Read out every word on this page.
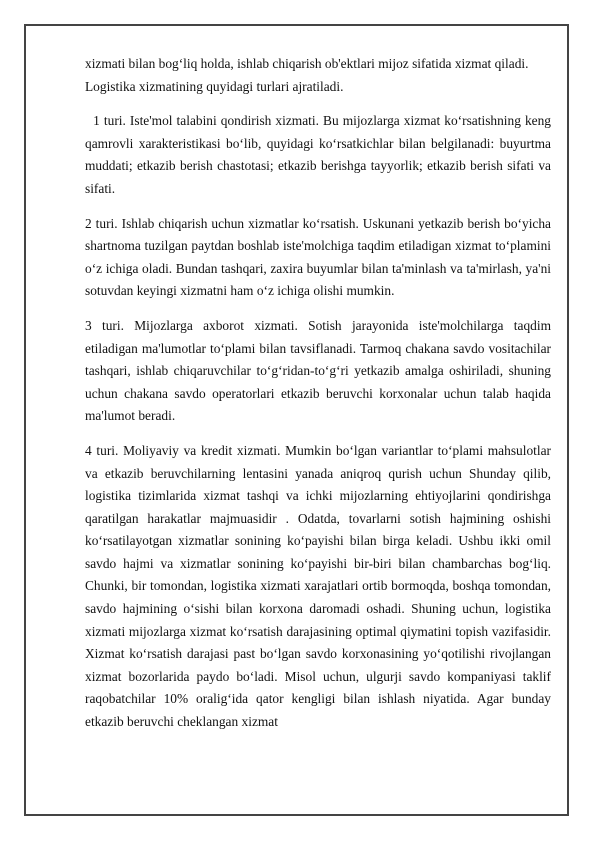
xizmati bilan bog‘liq holda, ishlab chiqarish ob'ektlari mijoz sifatida xizmat qiladi.

Logistika xizmatining quyidagi turlari ajratiladi.

1 turi. Iste'mol talabini qondirish xizmati. Bu mijozlarga xizmat ko‘rsatishning keng qamrovli xarakteristikasi bo‘lib, quyidagi ko‘rsatkichlar bilan belgilanadi: buyurtma muddati; etkazib berish chastotasi; etkazib berishga tayyorlik; etkazib berish sifati va sifati.

2 turi. Ishlab chiqarish uchun xizmatlar ko‘rsatish. Uskunani yetkazib berish bo‘yicha shartnoma tuzilgan paytdan boshlab iste'molchiga taqdim etiladigan xizmat to‘plamini o‘z ichiga oladi. Bundan tashqari, zaxira buyumlar bilan ta'minlash va ta'mirlash, ya'ni sotuvdan keyingi xizmatni ham o‘z ichiga olishi mumkin.

3 turi. Mijozlarga axborot xizmati. Sotish jarayonida iste'molchilarga taqdim etiladigan ma'lumotlar to‘plami bilan tavsiflanadi. Tarmoq chakana savdo vositachilar tashqari, ishlab chiqaruvchilar to‘g‘ridan-to‘g‘ri yetkazib amalga oshiriladi, shuning uchun chakana savdo operatorlari etkazib beruvchi korxonalar uchun talab haqida ma'lumot beradi.

4 turi. Moliyaviy va kredit xizmati. Mumkin bo‘lgan variantlar to‘plami mahsulotlar va etkazib beruvchilarning lentasini yanada aniqroq qurish uchun Shunday qilib, logistika tizimlarida xizmat tashqi va ichki mijozlarning ehtiyojlarini qondirishga qaratilgan harakatlar majmuasidir . Odatda, tovarlarni sotish hajmining oshishi ko‘rsatilayotgan xizmatlar sonining ko‘payishi bilan birga keladi. Ushbu ikki omil savdo hajmi va xizmatlar sonining ko‘payishi bir-biri bilan chambarchas bog‘liq. Chunki, bir tomondan, logistika xizmati xarajatlari ortib bormoqda, boshqa tomondan, savdo hajmining o‘sishi bilan korxona daromadi oshadi. Shuning uchun, logistika xizmati mijozlarga xizmat ko‘rsatish darajasining optimal qiymatini topish vazifasidir. Xizmat ko‘rsatish darajasi past bo‘lgan savdo korxonasining yo‘qotilishi rivojlangan xizmat bozorlarida paydo bo‘ladi. Misol uchun, ulgurji savdo kompaniyasi taklif raqobatchilar 10% oralig‘ida qator kengligi bilan ishlash niyatida. Agar bunday etkazib beruvchi cheklangan xizmat
